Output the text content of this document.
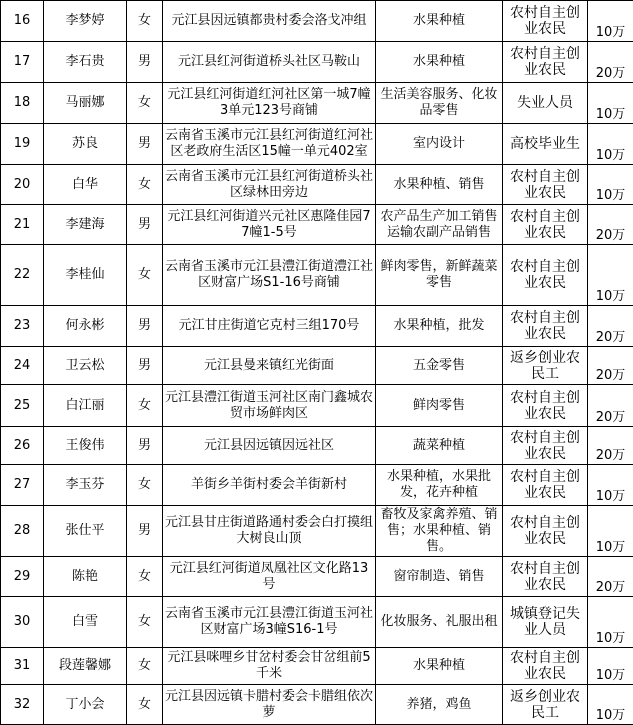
16	李梦婷	女	元江县因远镇都贵村委会洛戈冲组	水果种植	农村自主创业农民	10万
17	李石贵	男	元江县红河街道桥头社区马鞍山	水果种植	农村自主创业农民	20万
18	马丽娜	女	元江县红河街道红河社区第一城7幢3单元123号商铺	生活美容服务、化妆品零售	失业人员	10万
19	苏良	男	云南省玉溪市元江县红河街道红河社区老政府生活区15幢一单元402室	室内设计	高校毕业生	10万
20	白华	女	云南省玉溪市元江县红河街道桥头社区绿林田旁边	水果种植、销售	农村自主创业农民	10万
21	李建海	男	元江县红河街道兴元社区惠隆佳园77幢1-5号	农产品生产加工销售运输农副产品销售	农村自主创业农民	20万
22	李桂仙	女	云南省玉溪市元江县澧江街道澧江社区财富广场S1-16号商铺	鲜肉零售，新鲜蔬菜零售	农村自主创业农民	10万
23	何永彬	男	元江甘庄街道它克村三组170号	水果种植，批发	农村自主创业农民	20万
24	卫云松	男	元江县曼来镇红光街面	五金零售	返乡创业农民工	20万
25	白江丽	女	元江县澧江街道玉河社区南门鑫城农贸市场鲜肉区	鲜肉零售	农村自主创业农民	20万
26	王俊伟	男	元江县因远镇因远社区	蔬菜种植	农村自主创业农民	20万
27	李玉芬	女	羊街乡羊街村委会羊街新村	水果种植，水果批发，花卉种植	农村自主创业农民	10万
28	张仕平	男	元江县甘庄街道路通村委会白打摸组大树良山顶	畜牧及家禽养殖、销售；水果种植、销售。	农村自主创业农民	10万
29	陈艳	女	元江县红河街道凤凰社区文化路13号	窗帘制造、销售	农村自主创业农民	20万
30	白雪	女	云南省玉溪市元江县澧江街道玉河社区财富广场3幢S16-1号	化妆服务、礼服出租	城镇登记失业人员	10万
31	段莲馨娜	女	元江县咪哩乡甘岔村委会甘岔组前5千米	水果种植	农村自主创业农民	10万
32	丁小会	女	元江县因远镇卡腊村委会卡腊组依次萝	养猪，鸡鱼	返乡创业农民工	10万
